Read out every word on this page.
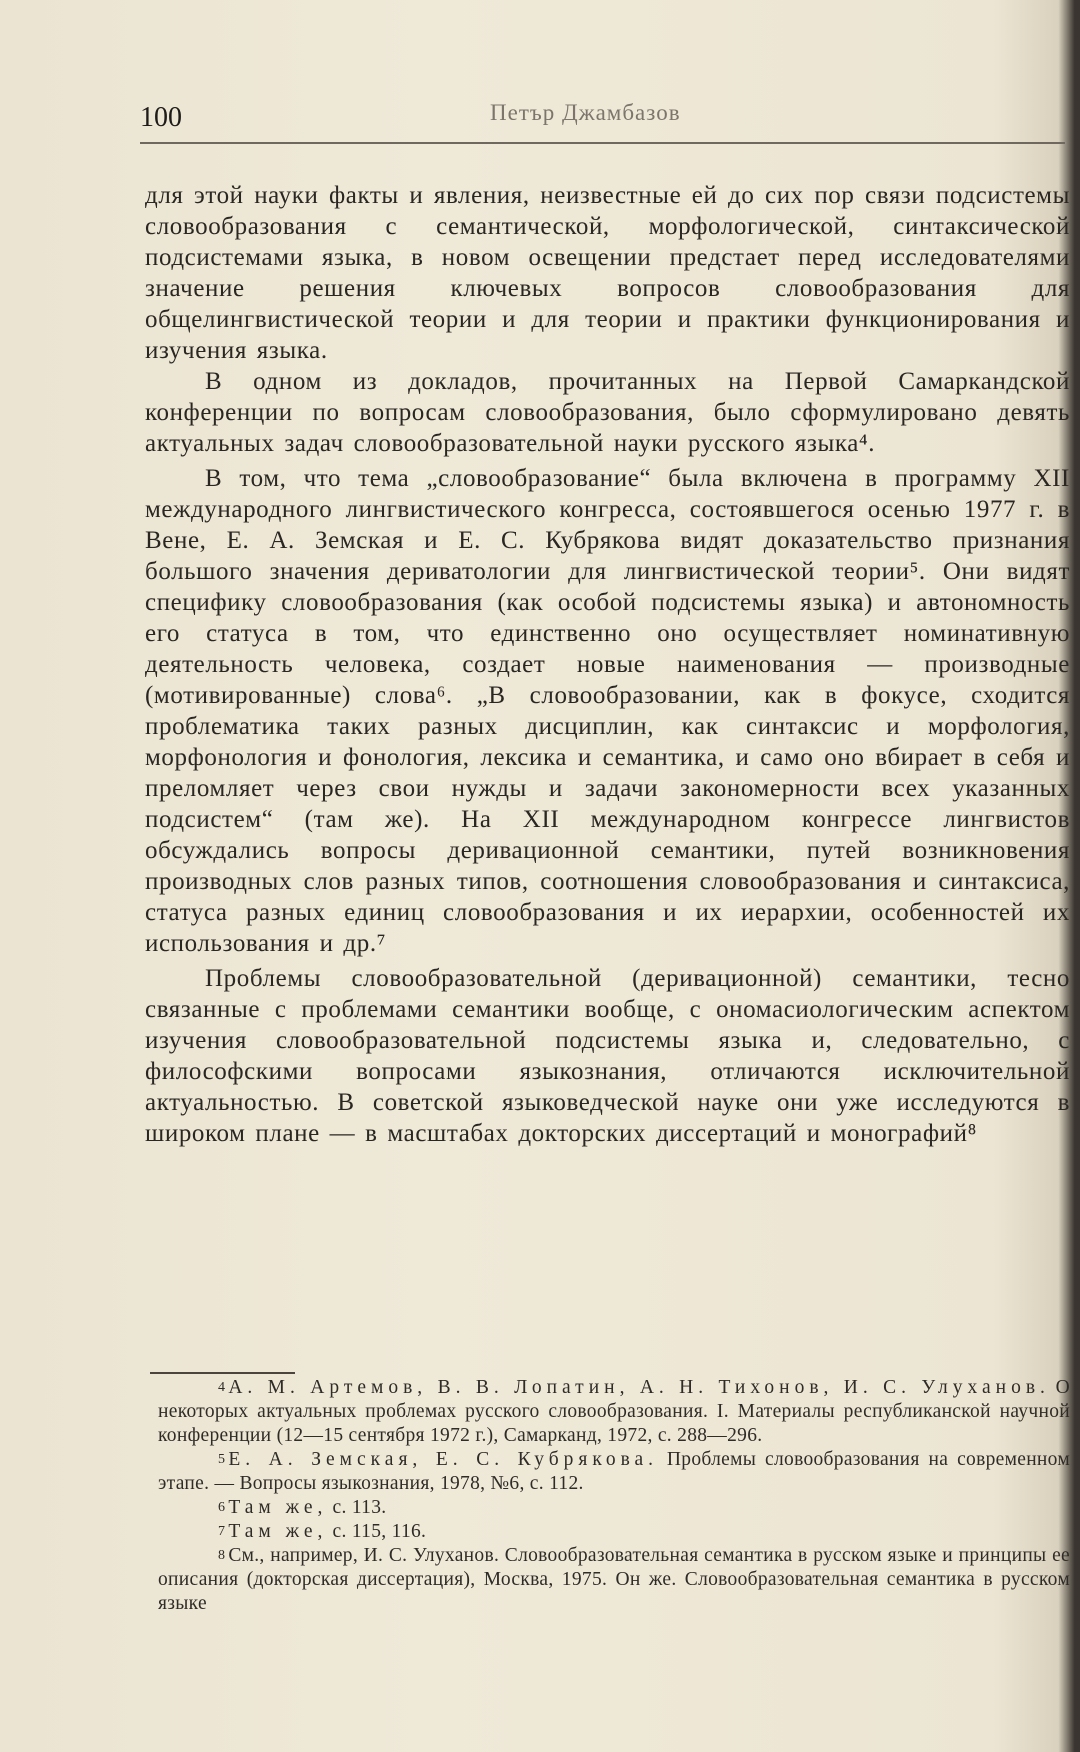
100	Петър Джамбазов

для этой науки факты и явления, неизвестные ей до сих пор связи подсистемы словообразования с семантической, морфологической, синтаксической подсистемами языка, в новом освещении предстает перед исследователями значение решения ключевых вопросов словообразования для общелингвистической теории и для теории и практики функционирования и изучения языка.

В одном из докладов, прочитанных на Первой Самаркандской конференции по вопросам словообразования, было сформулировано девять актуальных задач словообразовательной науки русского языка⁴.

В том, что тема „словообразование“ была включена в программу XII международного лингвистического конгресса, состоявшегося осенью 1977 г. в Вене, Е. А. Земская и Е. С. Кубрякова видят доказательство признания большого значения дериватологии для лингвистической теории⁵. Они видят специфику словообразования (как особой подсистемы языка) и автономность его статуса в том, что единственно оно осуществляет номинативную деятельность человека, создает новые наименования — производные (мотивированные) слова⁶. „В словообразовании, как в фокусе, сходится проблематика таких разных дисциплин, как синтаксис и морфология, морфонология и фонология, лексика и семантика, и само оно вбирает в себя и преломляет через свои нужды и задачи закономерности всех указанных подсистем“ (там же). На XII международном конгрессе лингвистов обсуждались вопросы деривационной семантики, путей возникновения производных слов разных типов, соотношения словообразования и синтаксиса, статуса разных единиц словообразования и их иерархии, особенностей их использования и др.⁷

Проблемы словообразовательной (деривационной) семантики, тесно связанные с проблемами семантики вообще, с ономасиологическим аспектом изучения словообразовательной подсистемы языка и, следовательно, с философскими вопросами языкознания, отличаются исключительной актуальностью. В советской языковедческой науке они уже исследуются в широком плане — в масштабах докторских диссертаций и монографий⁸

4 А. М. Артемов, В. В. Лопатин, А. Н. Тихонов, И. С. Улуханов. О некоторых актуальных проблемах русского словообразования. I. Материалы республиканской научной конференции (12—15 сентября 1972 г.), Самарканд, 1972, с. 288—296.

5 Е. А. Земская, Е. С. Кубрякова. Проблемы словообразования на современном этапе. — Вопросы языкознания, 1978, №6, с. 112.

6 Там же, с. 113.

7 Там же, с. 115, 116.

8 См., например, И. С. Улуханов. Словообразовательная семантика в русском языке и принципы ее описания (докторская диссертация), Москва, 1975. Он же. Словообразовательная семантика в русском языке
